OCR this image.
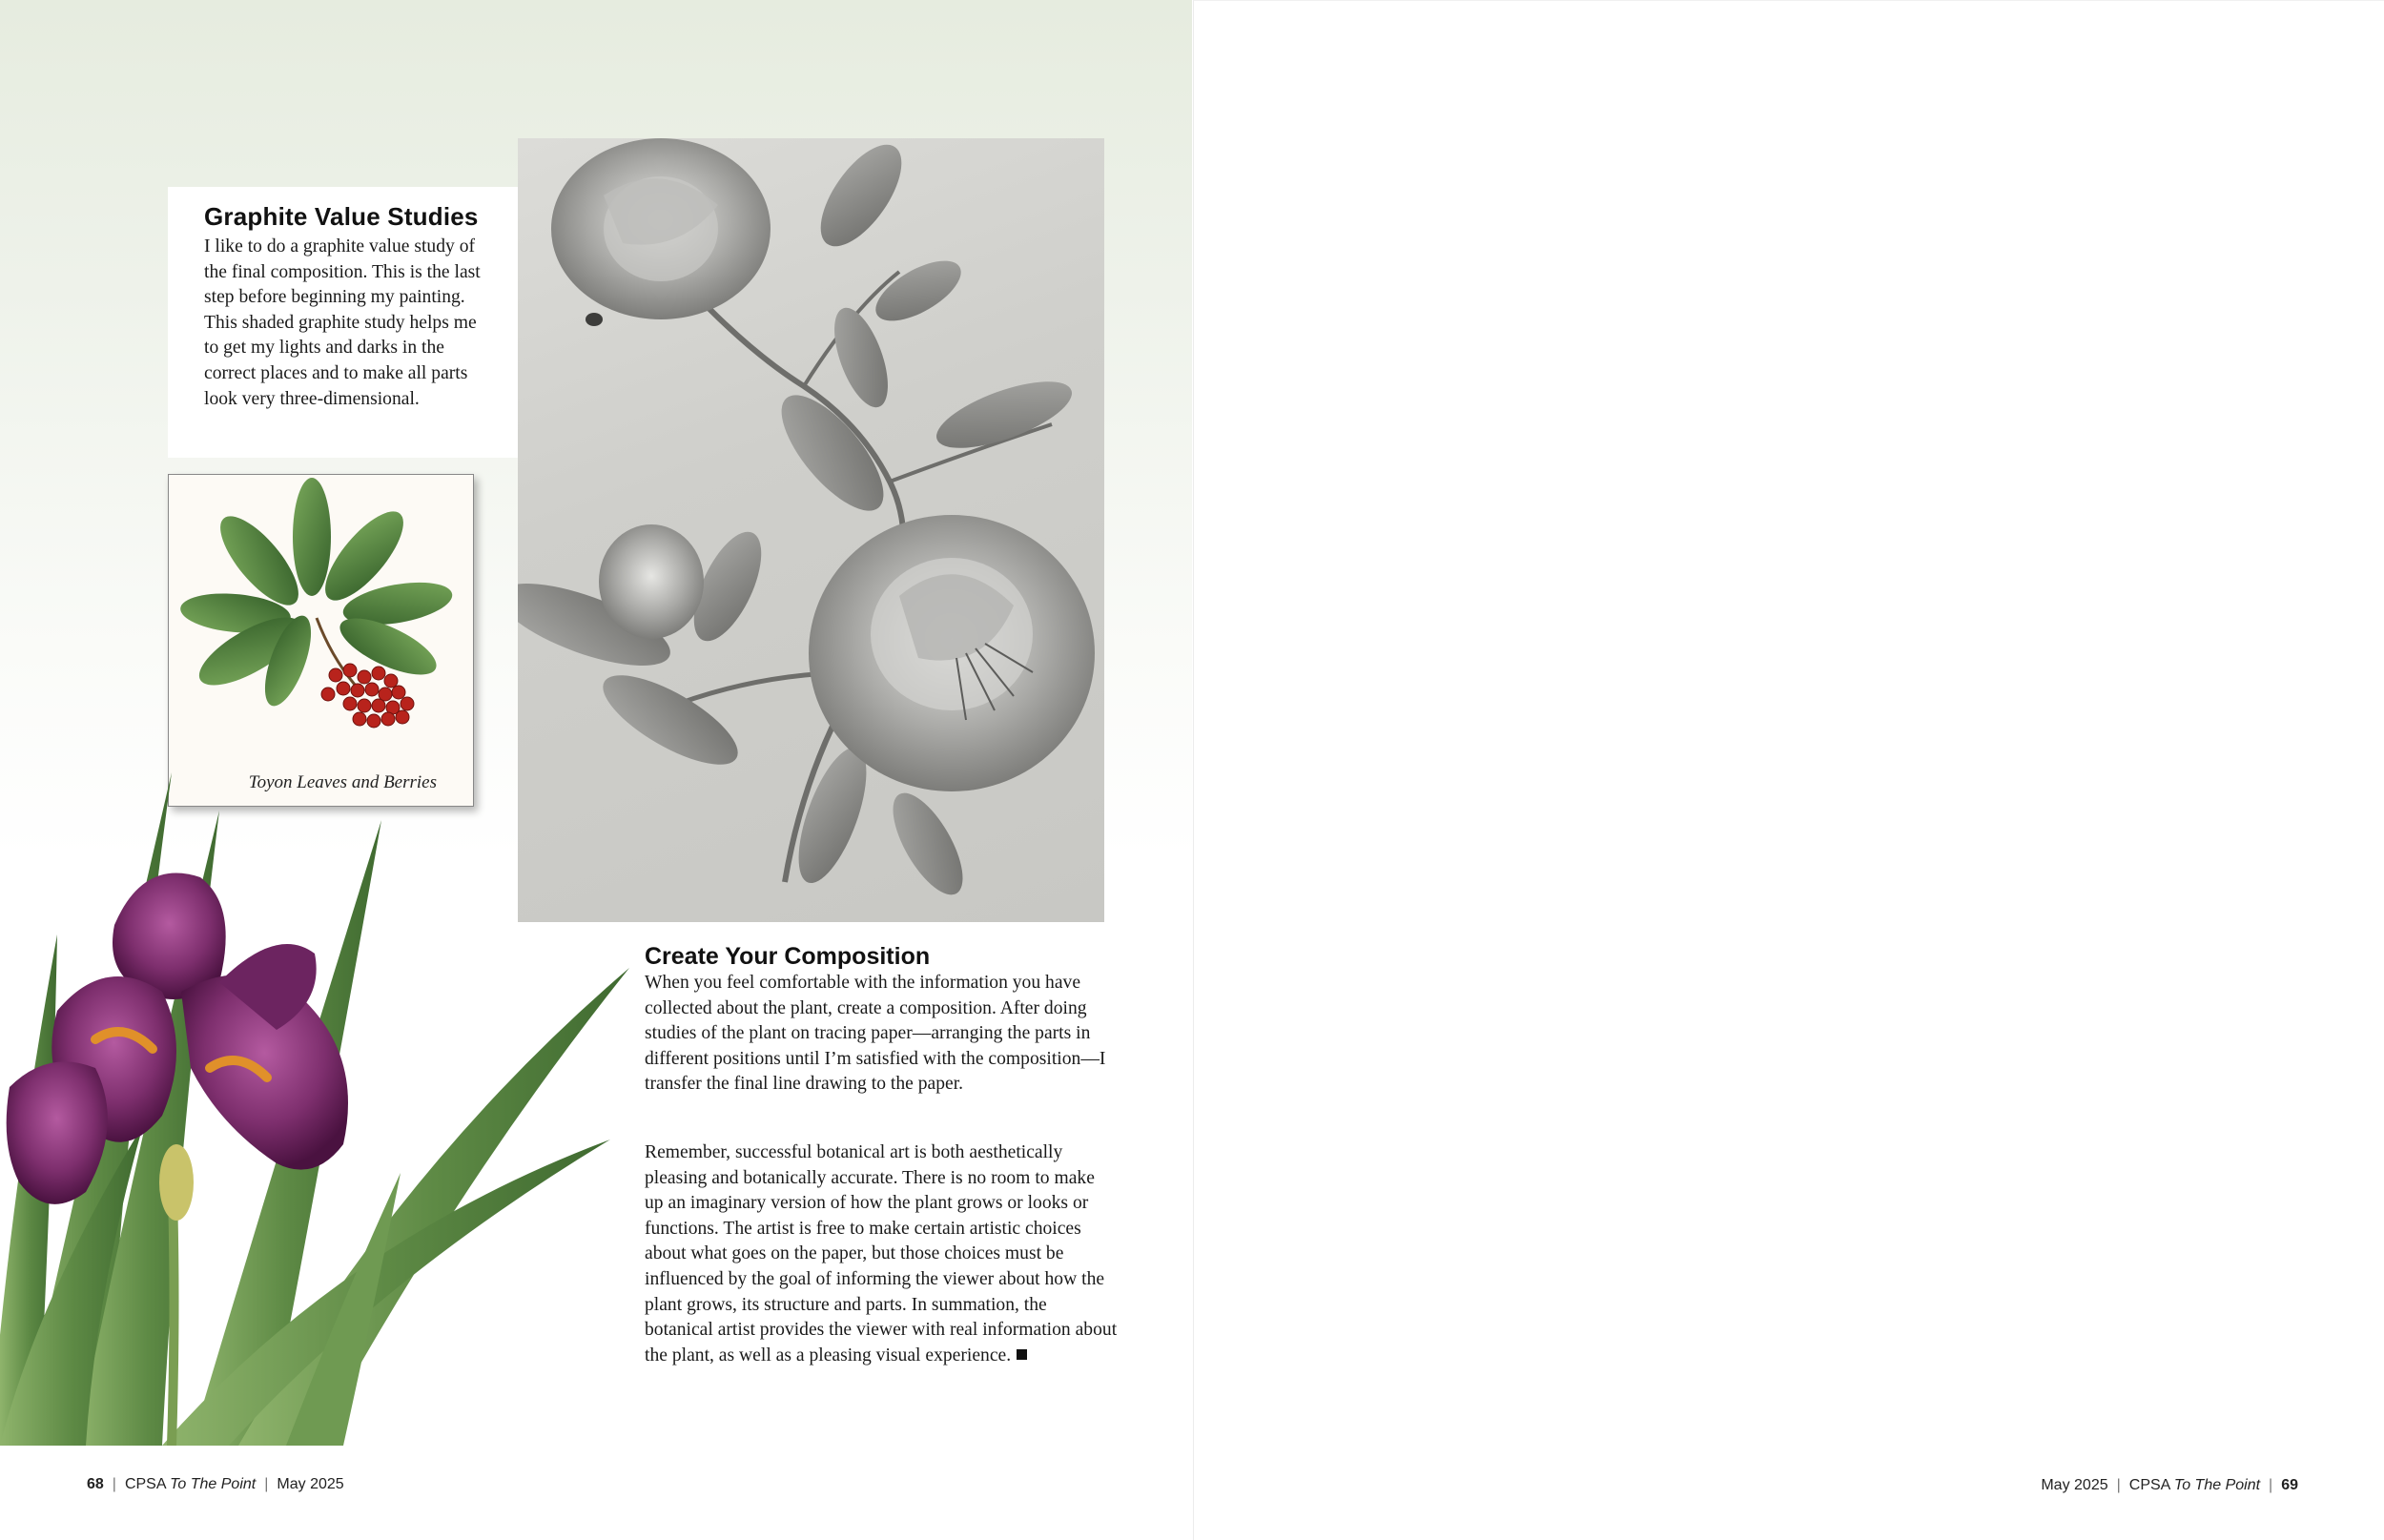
Graphite Value Studies
I like to do a graphite value study of the final composition. This is the last step before beginning my painting. This shaded graphite study helps me to get my lights and darks in the correct places and to make all parts look very three-dimensional.
Toyon Leaves and Berries
Create Your Composition

When you feel comfortable with the information you have collected about the plant, create a composition. After doing studies of the plant on tracing paper—arranging the parts in different positions until I’m satisfied with the composition—I transfer the final line drawing to the paper.

Remember, successful botanical art is both aesthetically pleasing and botanically accurate. There is no room to make up an imaginary version of how the plant grows or looks or functions. The artist is free to make certain artistic choices about what goes on the paper, but those choices must be influenced by the goal of informing the viewer about how the plant grows, its structure and parts. In summation, the botanical artist provides the viewer with real information about the plant, as well as a pleasing visual experience.

68 | CPSA To The Point | May 2025	May 2025 | CPSA To The Point | 69
